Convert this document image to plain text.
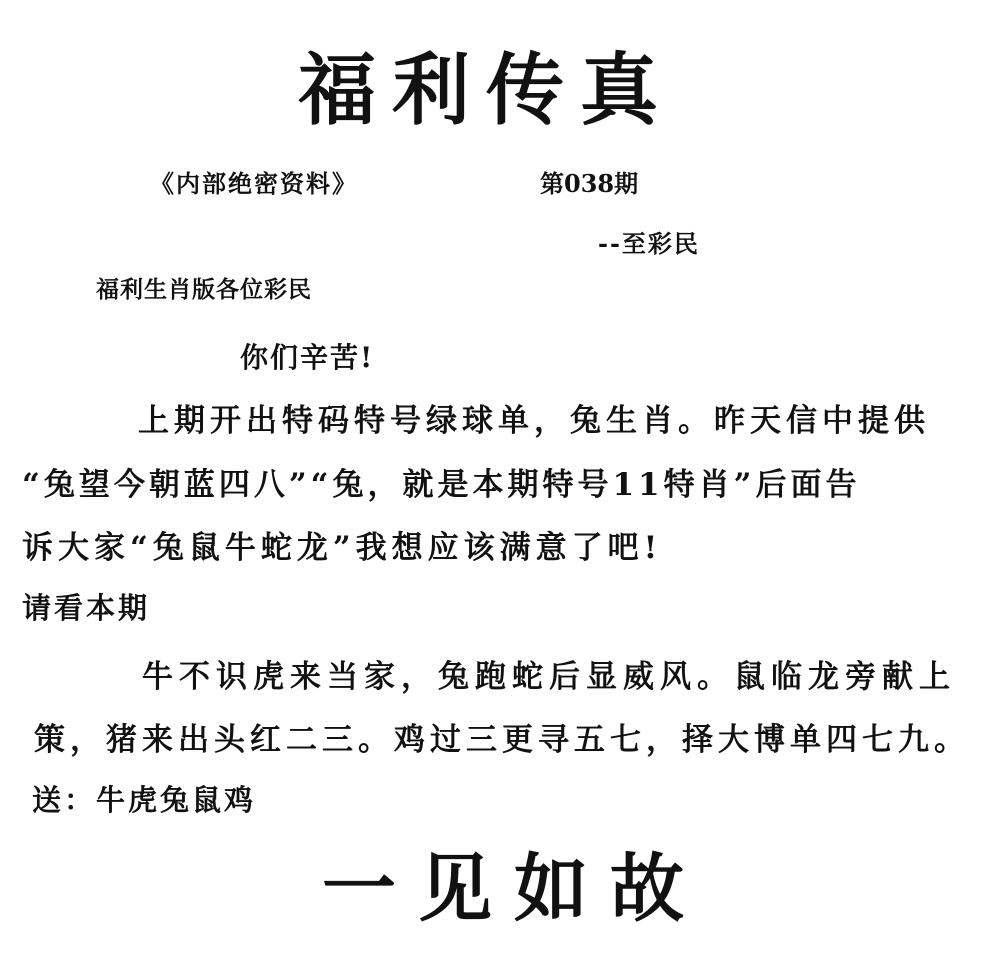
福利传真
《内部绝密资料》	第038期
--至彩民
福利生肖版各位彩民
你们辛苦!
上期开出特码特号绿球单，兔生肖。昨天信中提供
“兔望今朝蓝四八”“兔，就是本期特号11特肖”后面告
诉大家“兔鼠牛蛇龙”我想应该满意了吧!
请看本期
牛不识虎来当家，兔跑蛇后显威风。鼠临龙旁献上
策，猪来出头红二三。鸡过三更寻五七，择大博单四七九。
送：牛虎兔鼠鸡
一见如故
